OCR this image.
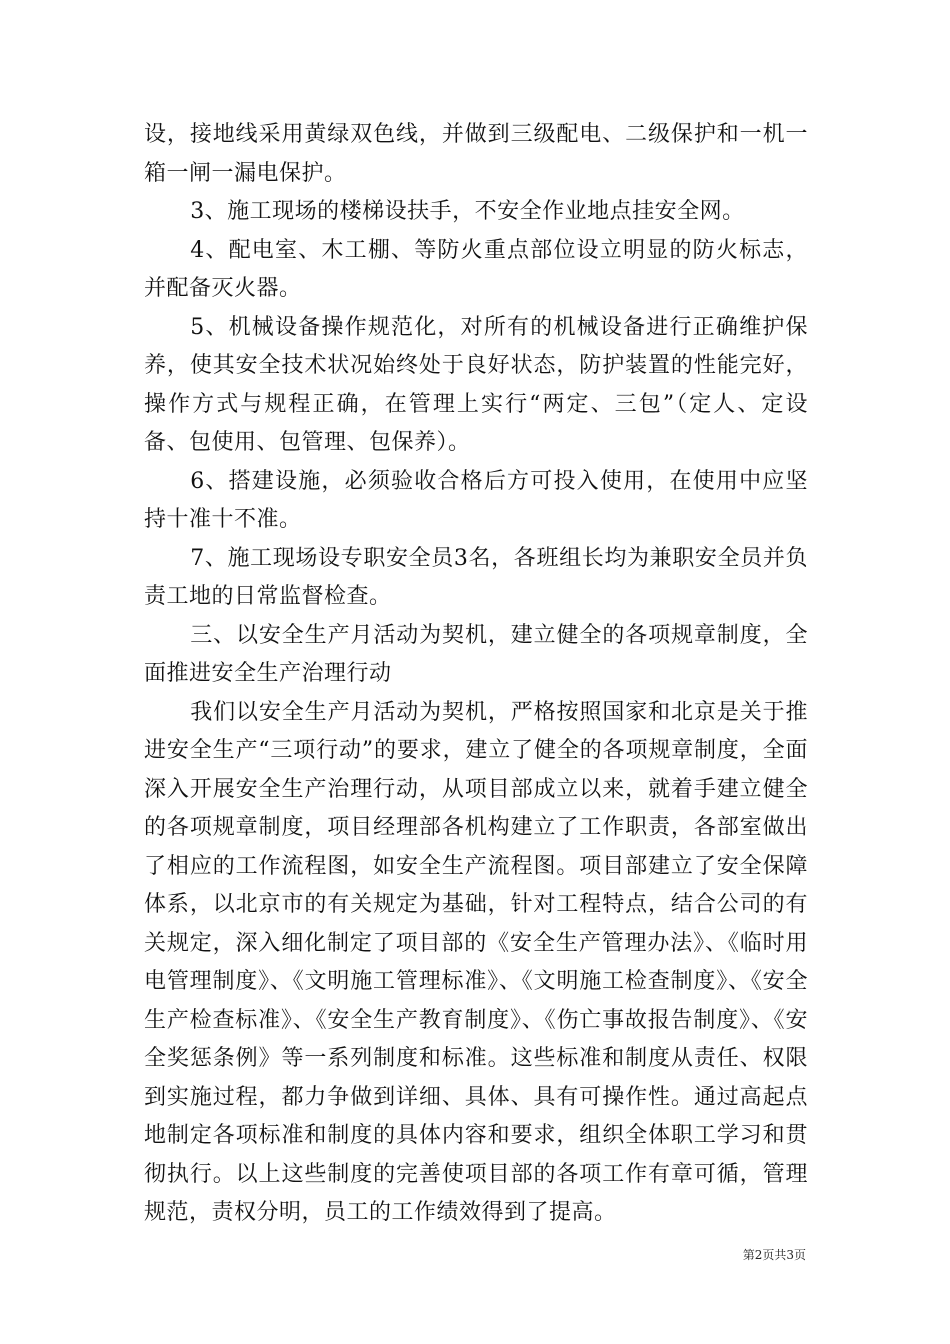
设，接地线采用黄绿双色线，并做到三级配电、二级保护和一机一箱一闸一漏电保护。

3、施工现场的楼梯设扶手，不安全作业地点挂安全网。

4、配电室、木工棚、等防火重点部位设立明显的防火标志，并配备灭火器。

5、机械设备操作规范化，对所有的机械设备进行正确维护保养，使其安全技术状况始终处于良好状态，防护装置的性能完好，操作方式与规程正确，在管理上实行“两定、三包”（定人、定设备、包使用、包管理、包保养）。

6、搭建设施，必须验收合格后方可投入使用，在使用中应坚持十准十不准。

7、施工现场设专职安全员3名，各班组长均为兼职安全员并负责工地的日常监督检查。

三、以安全生产月活动为契机，建立健全的各项规章制度，全面推进安全生产治理行动

我们以安全生产月活动为契机，严格按照国家和北京是关于推进安全生产“三项行动”的要求，建立了健全的各项规章制度，全面深入开展安全生产治理行动，从项目部成立以来，就着手建立健全的各项规章制度，项目经理部各机构建立了工作职责，各部室做出了相应的工作流程图，如安全生产流程图。项目部建立了安全保障体系，以北京市的有关规定为基础，针对工程特点，结合公司的有关规定，深入细化制定了项目部的《安全生产管理办法》、《临时用电管理制度》、《文明施工管理标准》、《文明施工检查制度》、《安全生产检查标准》、《安全生产教育制度》、《伤亡事故报告制度》、《安全奖惩条例》等一系列制度和标准。这些标准和制度从责任、权限到实施过程，都力争做到详细、具体、具有可操作性。通过高起点地制定各项标准和制度的具体内容和要求，组织全体职工学习和贯彻执行。以上这些制度的完善使项目部的各项工作有章可循，管理规范，责权分明，员工的工作绩效得到了提高。

第2页共3页
